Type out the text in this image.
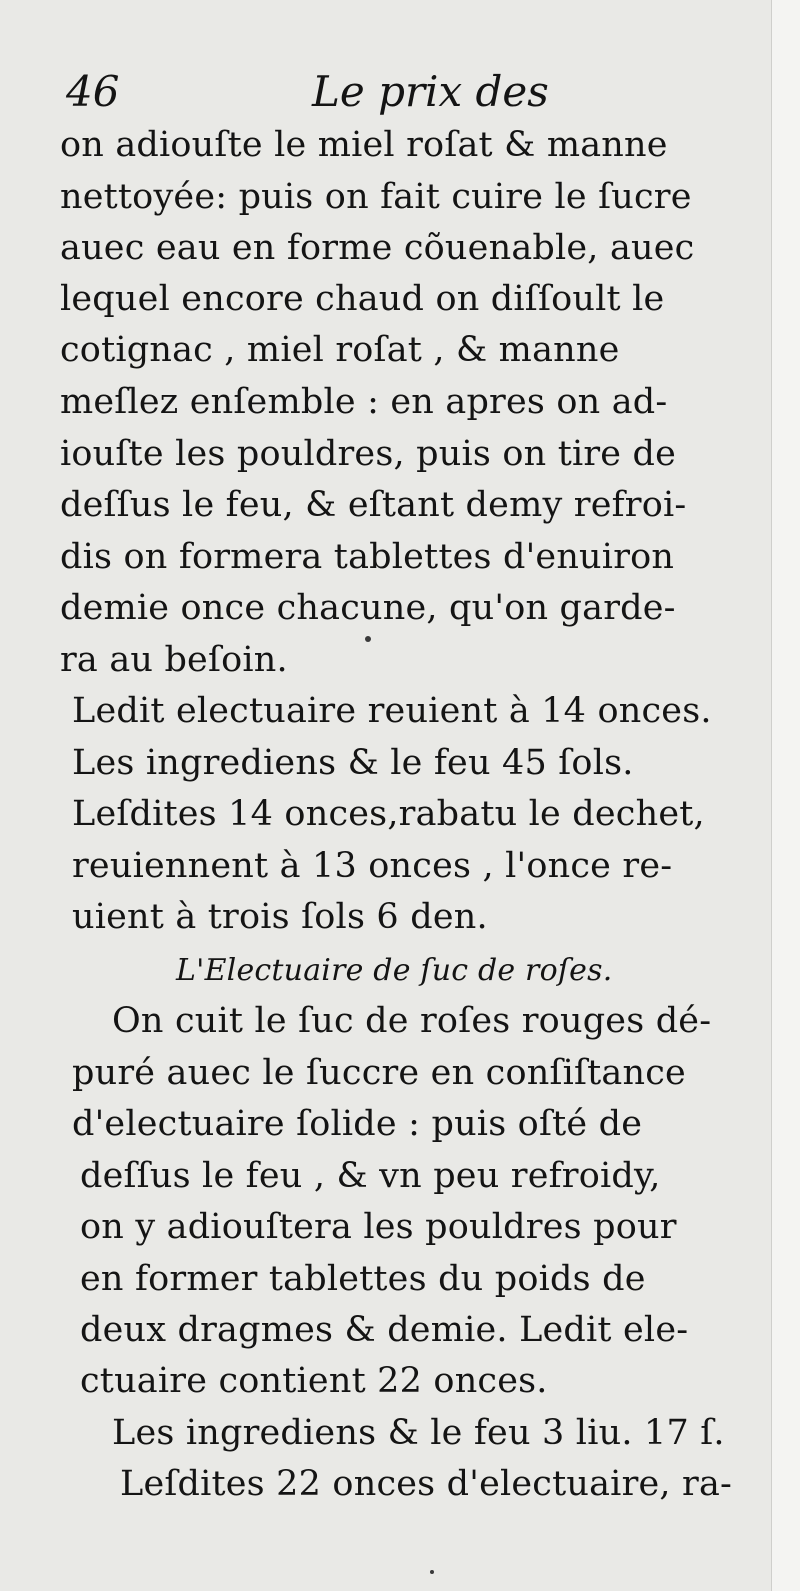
46	Le prix des
on adiouſte le miel roſat & manne
nettoyée: puis on fait cuire le ſucre
auec eau en forme cõuenable, auec
lequel encore chaud on diſſoult le
cotignac , miel roſat , & manne
meſlez enſemble : en apres on ad-
iouſte les pouldres, puis on tire de
deſſus le feu, & eſtant demy refroi-
dis on formera tablettes d'enuiron
demie once chacune, qu'on garde-
ra au beſoin.
Ledit electuaire reuient à 14 onces.
Les ingrediens & le feu 45 ſols.
Leſdites 14 onces,rabatu le dechet,
reuiennent à 13 onces , l'once re-
uient à trois ſols 6 den.
L'Electuaire de ſuc de roſes.
On cuit le ſuc de roſes rouges dé-
puré auec le ſuccre en conſiſtance
d'electuaire ſolide : puis oſté de
deſſus le feu , & vn peu refroidy,
on y adiouſtera les pouldres pour
en former tablettes du poids de
deux dragmes & demie. Ledit ele-
ctuaire contient 22 onces.
Les ingrediens & le feu 3 liu. 17 ſ.
Leſdites 22 onces d'electuaire, ra-
